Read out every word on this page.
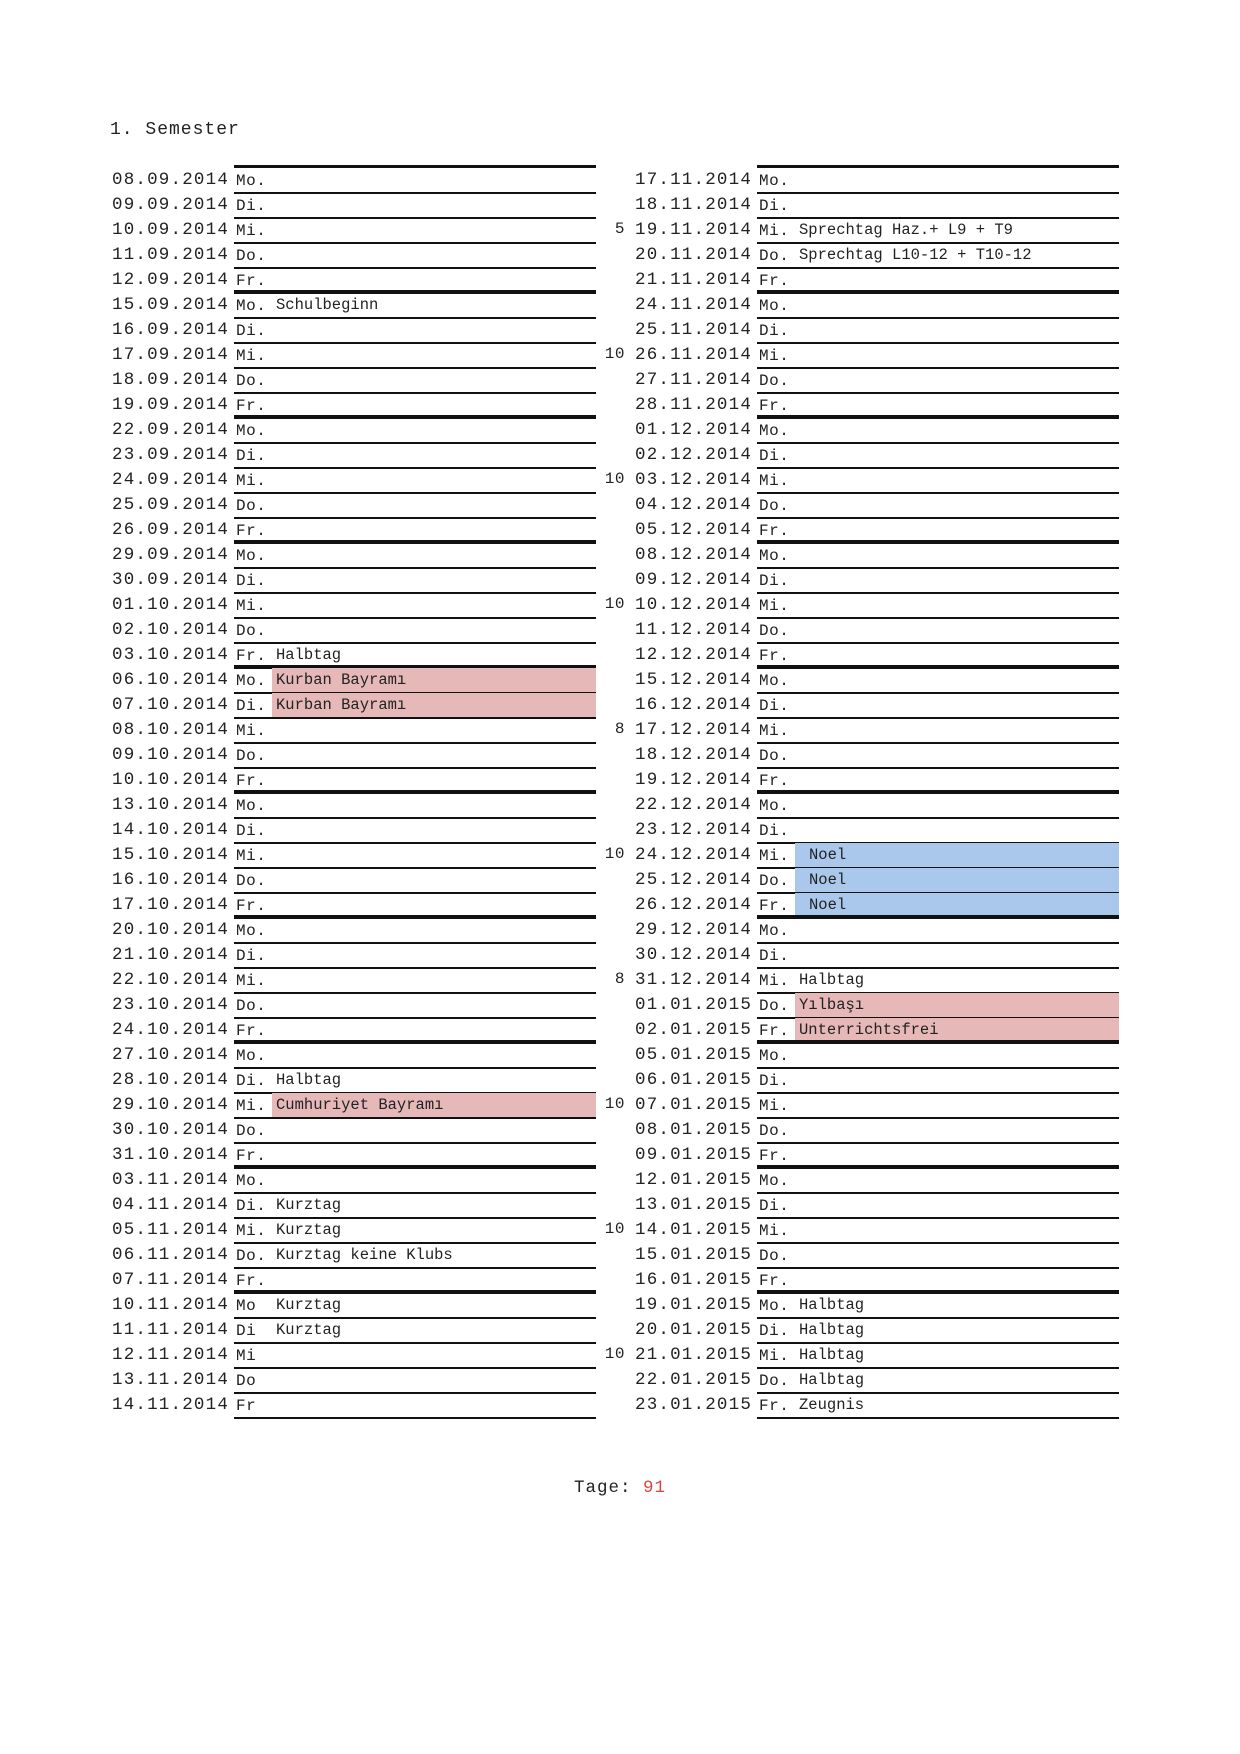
1. Semester
08.09.2014 Mo.
09.09.2014 Di.
10.09.2014 Mi.
11.09.2014 Do.
12.09.2014 Fr.
15.09.2014 Mo. Schulbeginn
16.09.2014 Di.
17.09.2014 Mi.
18.09.2014 Do.
19.09.2014 Fr.
22.09.2014 Mo.
23.09.2014 Di.
24.09.2014 Mi.
25.09.2014 Do.
26.09.2014 Fr.
29.09.2014 Mo.
30.09.2014 Di.
01.10.2014 Mi.
02.10.2014 Do.
03.10.2014 Fr. Halbtag
06.10.2014 Mo. Kurban Bayramı
07.10.2014 Di. Kurban Bayramı
08.10.2014 Mi.
09.10.2014 Do.
10.10.2014 Fr.
13.10.2014 Mo.
14.10.2014 Di.
15.10.2014 Mi.
16.10.2014 Do.
17.10.2014 Fr.
20.10.2014 Mo.
21.10.2014 Di.
22.10.2014 Mi.
23.10.2014 Do.
24.10.2014 Fr.
27.10.2014 Mo.
28.10.2014 Di. Halbtag
29.10.2014 Mi. Cumhuriyet Bayramı
30.10.2014 Do.
31.10.2014 Fr.
03.11.2014 Mo.
04.11.2014 Di. Kurztag
05.11.2014 Mi. Kurztag
06.11.2014 Do. Kurztag keine Klubs
07.11.2014 Fr.
10.11.2014 Mo Kurztag
11.11.2014 Di Kurztag
12.11.2014 Mi
13.11.2014 Do
14.11.2014 Fr
17.11.2014 Mo.
18.11.2014 Di.
19.11.2014 Mi. Sprechtag Haz.+ L9 + T9
5
20.11.2014 Do. Sprechtag L10-12 + T10-12
21.11.2014 Fr.
24.11.2014 Mo.
25.11.2014 Di.
26.11.2014 Mi.
10
27.11.2014 Do.
28.11.2014 Fr.
01.12.2014 Mo.
02.12.2014 Di.
03.12.2014 Mi.
10
04.12.2014 Do.
05.12.2014 Fr.
08.12.2014 Mo.
09.12.2014 Di.
10.12.2014 Mi.
10
11.12.2014 Do.
12.12.2014 Fr.
15.12.2014 Mo.
16.12.2014 Di.
17.12.2014 Mi.
8
18.12.2014 Do.
19.12.2014 Fr.
22.12.2014 Mo.
23.12.2014 Di.
24.12.2014 Mi.	Noel
10
25.12.2014 Do.	Noel
26.12.2014 Fr.	Noel
29.12.2014 Mo.
30.12.2014 Di.
31.12.2014 Mi. Halbtag
8
01.01.2015 Do. Yılbaşı
02.01.2015 Fr. Unterrichtsfrei
05.01.2015 Mo.
06.01.2015 Di.
07.01.2015 Mi.
10
08.01.2015 Do.
09.01.2015 Fr.
12.01.2015 Mo.
13.01.2015 Di.
14.01.2015 Mi.
10
15.01.2015 Do.
16.01.2015 Fr.
19.01.2015 Mo. Halbtag
20.01.2015 Di. Halbtag
21.01.2015 Mi. Halbtag
10
22.01.2015 Do. Halbtag
23.01.2015 Fr. Zeugnis
Tage: 91
